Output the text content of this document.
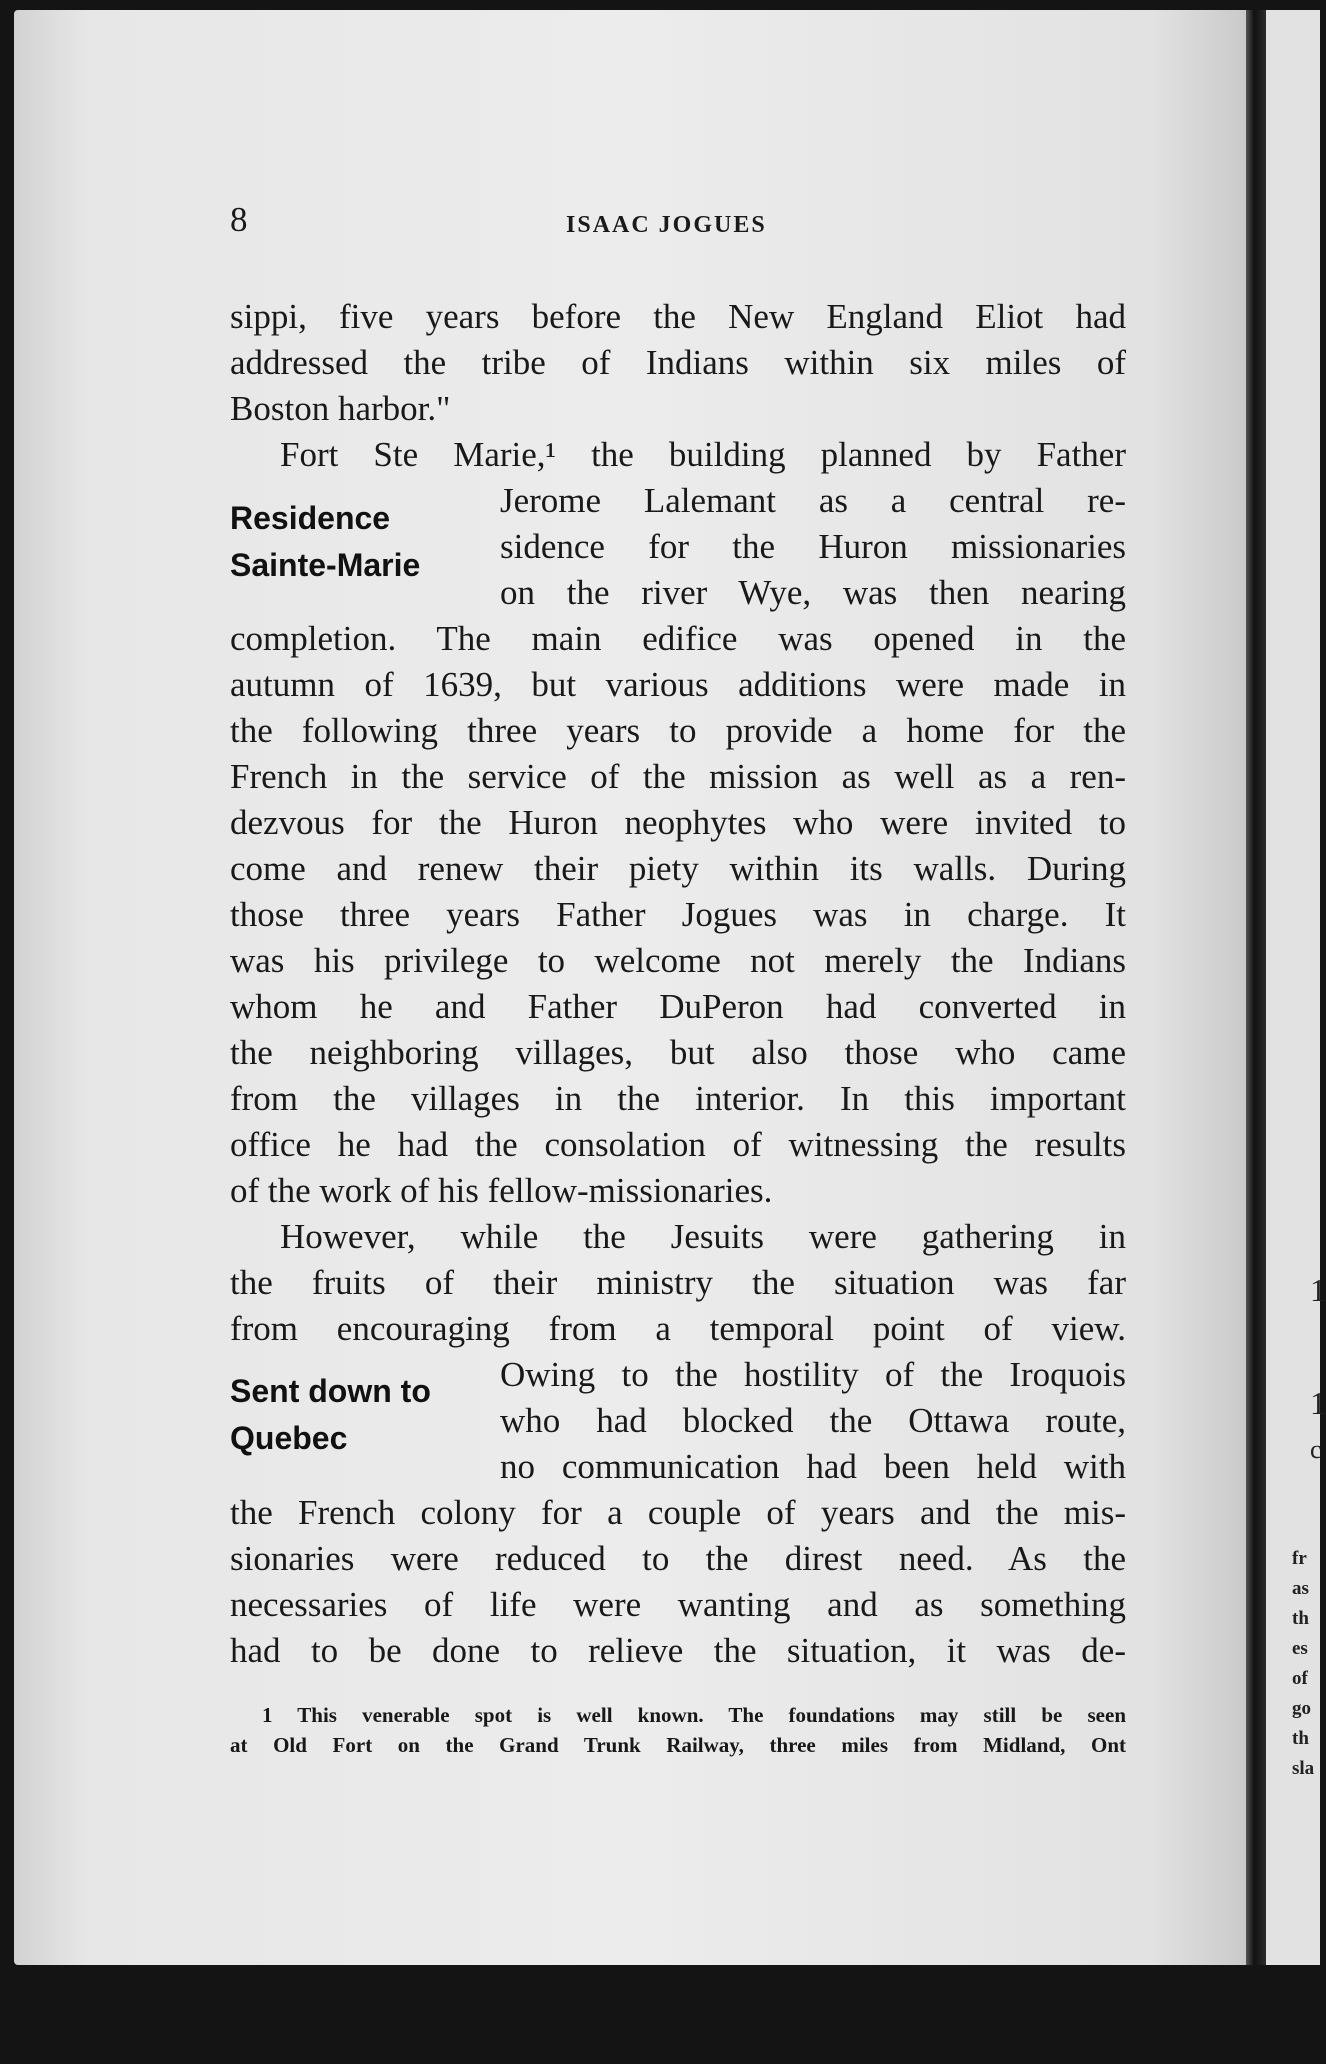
1
1
c
fr
as
th
es
of
go
th
sla
8	ISAAC JOGUES
sippi, five years before the New England Eliot had
addressed the tribe of Indians within six miles of
Boston harbor."
Fort Ste Marie,¹ the building planned by Father
Jerome Lalemant as a central re-
sidence for the Huron missionaries
on the river Wye, was then nearing
completion. The main edifice was opened in the
autumn of 1639, but various additions were made in
the following three years to provide a home for the
French in the service of the mission as well as a ren-
dezvous for the Huron neophytes who were invited to
come and renew their piety within its walls. During
those three years Father Jogues was in charge. It
was his privilege to welcome not merely the Indians
whom he and Father DuPeron had converted in
the neighboring villages, but also those who came
from the villages in the interior. In this important
office he had the consolation of witnessing the results
of the work of his fellow-missionaries.
However, while the Jesuits were gathering in
the fruits of their ministry the situation was far
from encouraging from a temporal point of view.
Owing to the hostility of the Iroquois
who had blocked the Ottawa route,
no communication had been held with
the French colony for a couple of years and the mis-
sionaries were reduced to the direst need. As the
necessaries of life were wanting and as something
had to be done to relieve the situation, it was de-
Residence
Sainte-Marie
Sent down to
Quebec
1 This venerable spot is well known. The foundations may still be seen
at Old Fort on the Grand Trunk Railway, three miles from Midland, Ont
